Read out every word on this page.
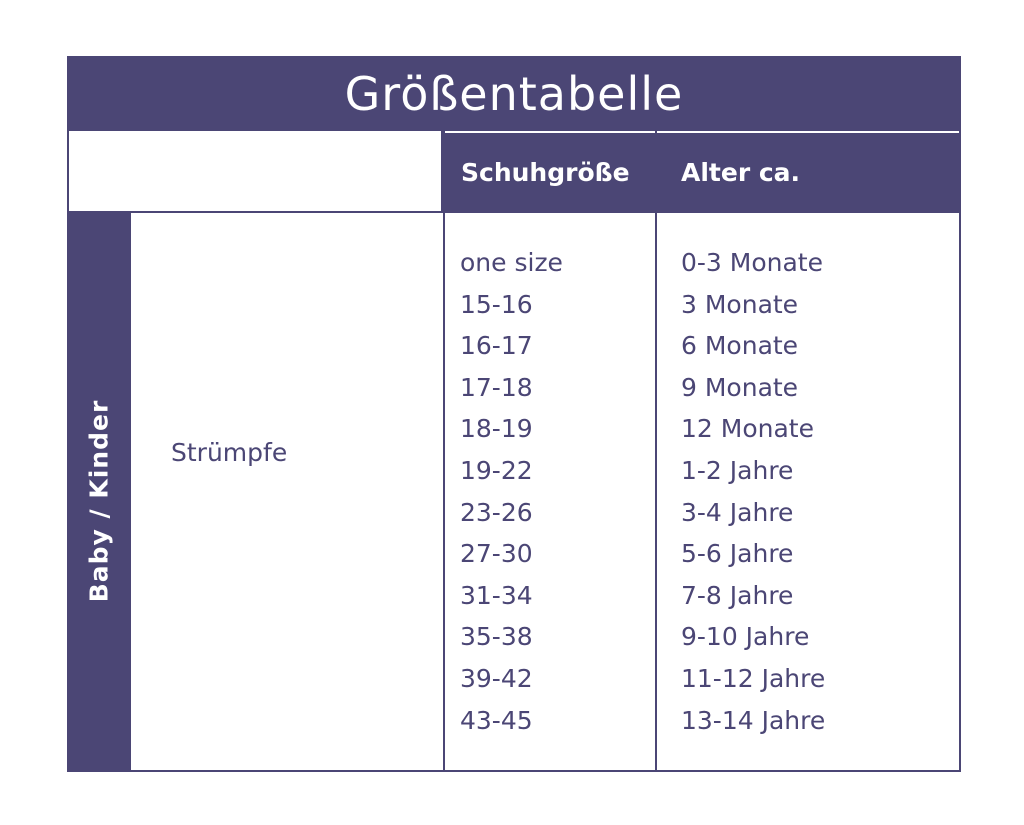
Größentabelle
Schuhgröße	Alter ca.
Baby / Kinder Strümpfe
one size
15-16
16-17
17-18
18-19
19-22
23-26
27-30
31-34
35-38
39-42
43-45
0-3 Monate
3 Monate
6 Monate
9 Monate
12 Monate
1-2 Jahre
3-4 Jahre
5-6 Jahre
7-8 Jahre
9-10 Jahre
11-12 Jahre
13-14 Jahre
